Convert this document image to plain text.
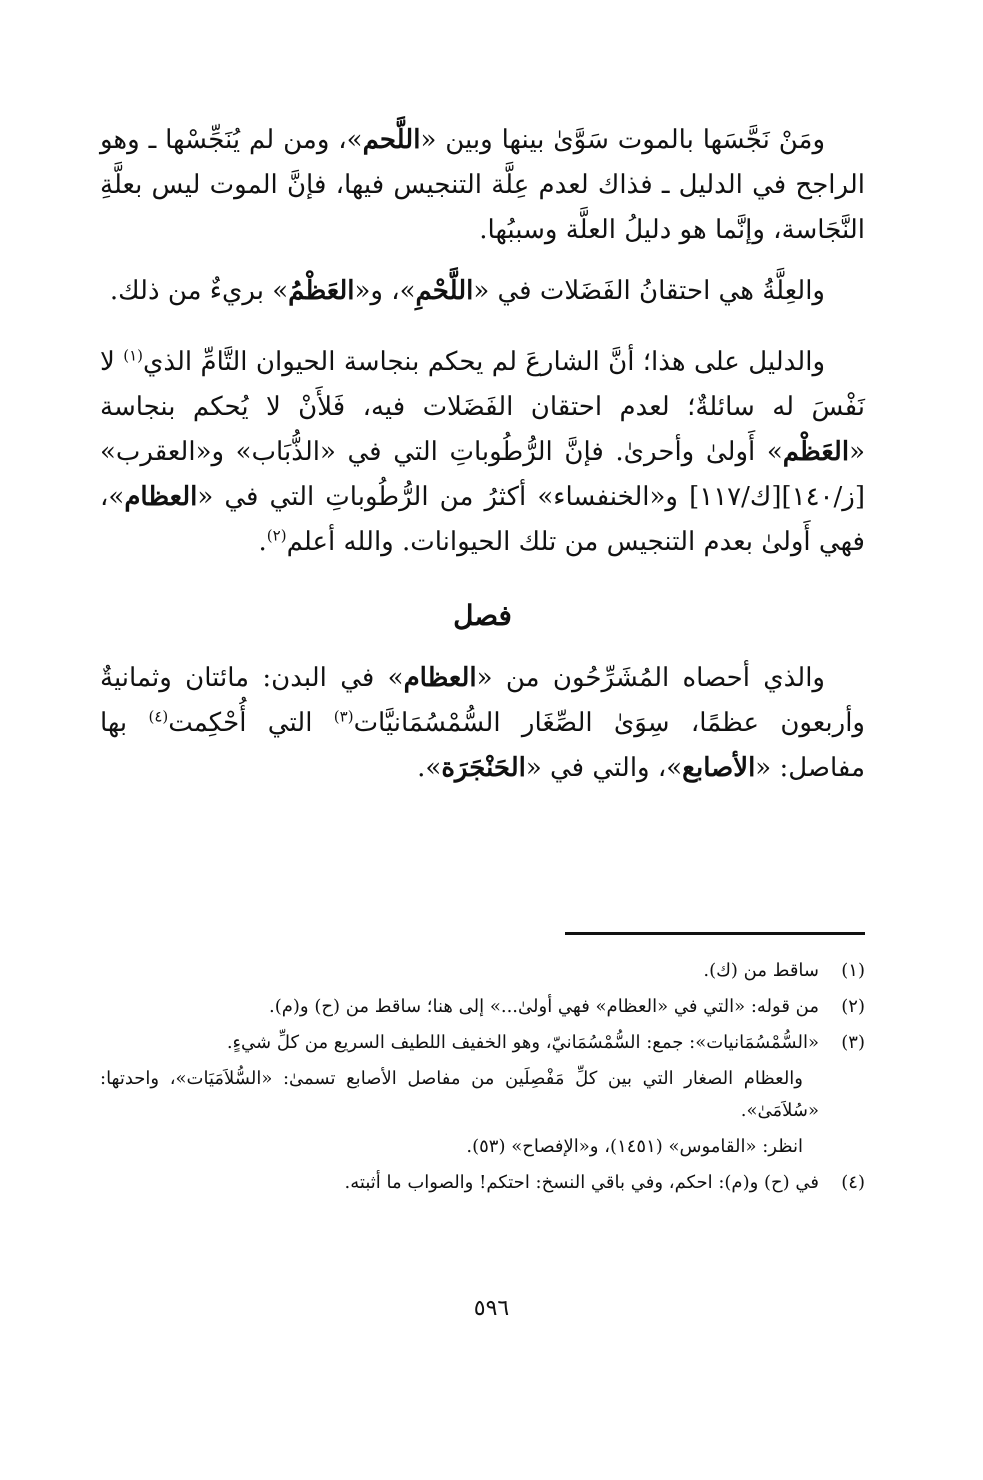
ومَنْ نَجَّسَها بالموت سَوَّىٰ بينها وبين «اللَّحم»، ومن لم يُنَجِّسْها ـ وهو الراجح في الدليل ـ فذاك لعدم عِلَّة التنجيس فيها، فإنَّ الموت ليس بعلَّةِ النَّجَاسة، وإنَّما هو دليلُ العلَّة وسببُها.

والعِلَّةُ هي احتقانُ الفَضَلات في «اللَّحْمِ»، و«العَظْمُ» بريءٌ من ذلك.

والدليل على هذا؛ أنَّ الشارعَ لم يحكم بنجاسة الحيوان التَّامِّ الذي$^{(١)}$ لا نَفْسَ له سائلةٌ؛ لعدم احتقان الفَضَلات فيه، فَلأَنْ لا يُحكم بنجاسة «العَظْم» أَولىٰ وأحرىٰ. فإنَّ الرُّطُوباتِ التي في «الذُّبَاب» و«العقرب» [ز/١٤٠][ك/١١٧] و«الخنفساء» أكثرُ من الرُّطُوباتِ التي في «العظام»، فهي أَولىٰ بعدم التنجيس من تلك الحيوانات. والله أعلم$^{(٢)}$.

فصل

والذي أحصاه المُشَرِّحُون من «العظام» في البدن: مائتان وثمانيةٌ وأربعون عظمًا، سِوَىٰ الصِّغَار السُّمْسُمَانيَّات$^{(٣)}$ التي أُحْكِمت$^{(٤)}$ بها مفاصل: «الأصابع»، والتي في «الحَنْجَرَة».

(١)
ساقط من (ك).
(٢)
من قوله: «التي في «العظام» فهي أولىٰ...» إلى هنا؛ ساقط من (ح) و(م).
(٣)
«السُّمْسُمَانيات»: جمع: السُّمْسُمَانيّ، وهو الخفيف اللطيف السريع من كلِّ شيءٍ.
والعظام الصغار التي بين كلِّ مَفْصِلَين من مفاصل الأصابع تسمىٰ: «السُّلاَمَيَات»، واحدتها: «سُلاَمَىٰ».
انظر: «القاموس» (١٤٥١)، و«الإفصاح» (٥٣).
(٤)
في (ح) و(م): احكم، وفي باقي النسخ: احتكم! والصواب ما أثبته.
٥٩٦
